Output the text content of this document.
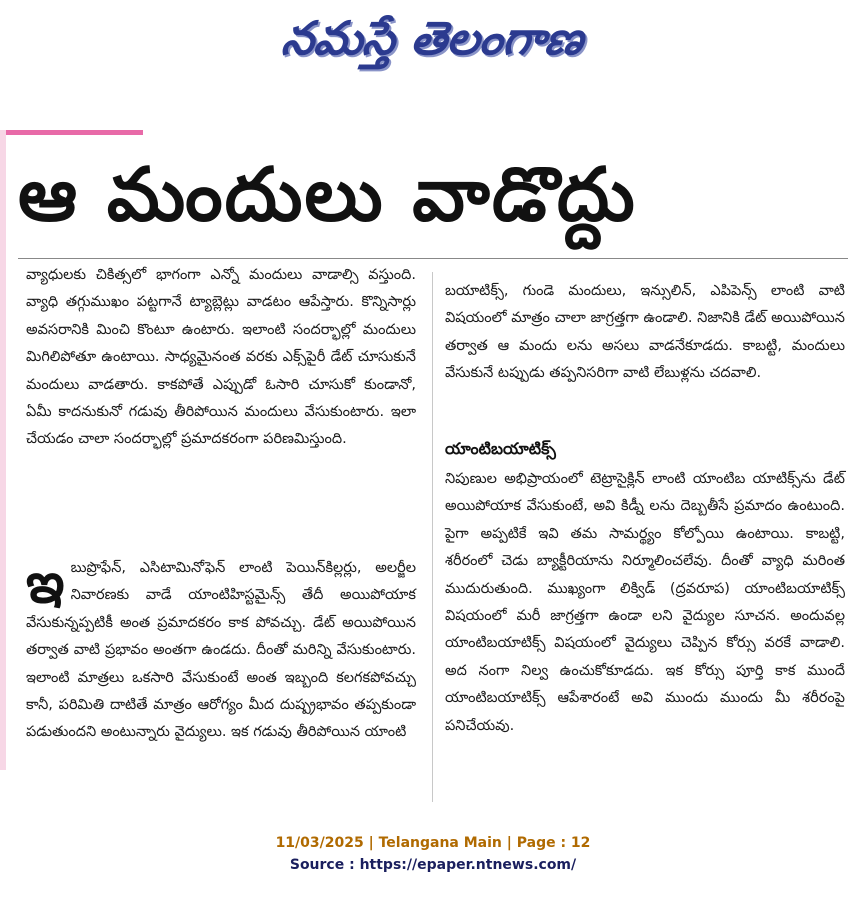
నమస్తే తెలంగాణ
ఆ మందులు వాడొద్దు

వ్యాధులకు చికిత్సలో భాగంగా ఎన్నో మందులు వాడాల్సి వస్తుంది. వ్యాధి తగ్గుముఖం పట్టగానే ట్యాబ్లెట్లు వాడటం ఆపేస్తారు. కొన్నిసార్లు అవసరానికి మించి కొంటూ ఉంటారు. ఇలాంటి సందర్భాల్లో మందులు మిగిలిపోతూ ఉంటాయి. సాధ్యమైనంత వరకు ఎక్స్‌పైరీ డేట్ చూసుకునే మందులు వాడతారు. కాకపోతే ఎప్పుడో ఓసారి చూసుకో కుండానో, ఏమీ కాదనుకునో గడువు తీరిపోయిన మందులు వేసుకుంటారు. ఇలా చేయడం చాలా సందర్భాల్లో ప్రమాదకరంగా పరిణమిస్తుంది.

ఇ బుప్రొఫేన్, ఎసిటామినోఫెన్ లాంటి పెయిన్‌కిల్లర్లు, అలర్జీల నివారణకు వాడే యాంటిహిస్టమైన్స్ తేదీ అయిపోయాక వేసుకున్నప్పటికీ అంత ప్రమాదకరం కాక పోవచ్చు. డేట్ అయిపోయిన తర్వాత వాటి ప్రభావం అంతగా ఉండదు. దీంతో మరిన్ని వేసుకుంటారు. ఇలాంటి మాత్రలు ఒకసారి వేసుకుంటే అంత ఇబ్బంది కలగకపోవచ్చు కానీ, పరిమితి దాటితే మాత్రం ఆరోగ్యం మీద దుష్ప్రభావం తప్పకుండా పడుతుందని అంటున్నారు వైద్యులు. ఇక గడువు తీరిపోయిన యాంటి

బయాటిక్స్, గుండె మందులు, ఇన్సులిన్, ఎపిపెన్స్ లాంటి వాటి విషయంలో మాత్రం చాలా జాగ్రత్తగా ఉండాలి. నిజానికి డేట్ అయిపోయిన తర్వాత ఆ మందు లను అసలు వాడనేకూడదు. కాబట్టి, మందులు వేసుకునే టప్పుడు తప్పనిసరిగా వాటి లేబుళ్లను చదవాలి.

యాంటిబయాటిక్స్

నిపుణుల అభిప్రాయంలో టెట్రాసైక్లిన్ లాంటి యాంటిబ యాటిక్స్‌ను డేట్ అయిపోయాక వేసుకుంటే, అవి కిడ్నీ లను దెబ్బతీసే ప్రమాదం ఉంటుంది. పైగా అప్పటికే ఇవి తమ సామర్థ్యం కోల్పోయి ఉంటాయి. కాబట్టి, శరీరంలో చెడు బ్యాక్టీరియాను నిర్మూలించలేవు. దీంతో వ్యాధి మరింత ముదురుతుంది. ముఖ్యంగా లిక్విడ్ (ద్రవరూప) యాంటిబయాటిక్స్ విషయంలో మరీ జాగ్రత్తగా ఉండా లని వైద్యుల సూచన. అందువల్ల యాంటిబయాటిక్స్ విషయంలో వైద్యులు చెప్పిన కోర్సు వరకే వాడాలి. అద నంగా నిల్వ ఉంచుకోకూడదు. ఇక కోర్సు పూర్తి కాక ముందే యాంటిబయాటిక్స్ ఆపేశారంటే అవి ముందు ముందు మీ శరీరంపై పనిచేయవు.

11/03/2025 | Telangana Main | Page : 12
Source : https://epaper.ntnews.com/
